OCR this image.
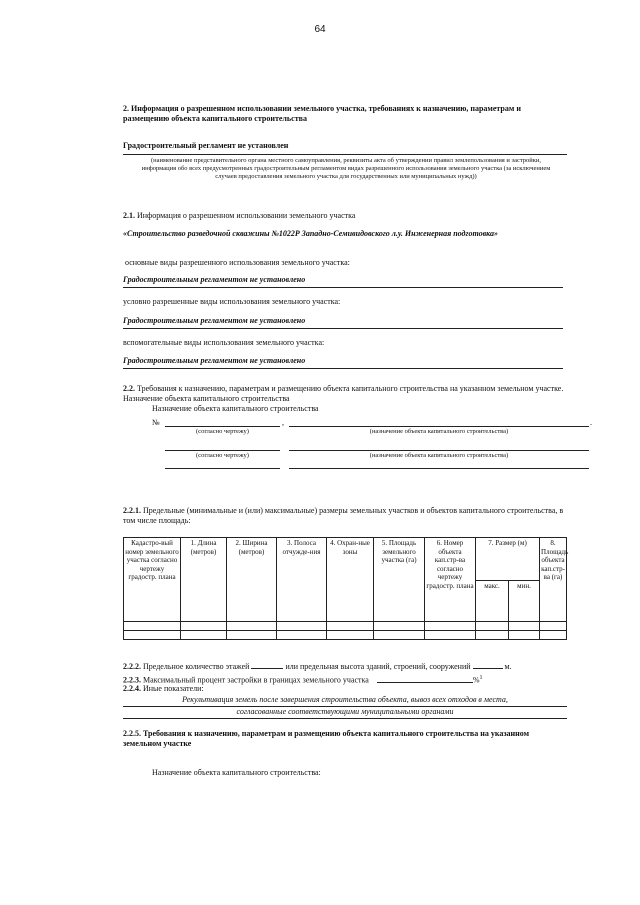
64
2. Информация о разрешенном использовании земельного участка, требованиях к назначению, параметрам и размещению объекта капитального строительства
Градостроительный регламент не установлен
(наименование представительного органа местного самоуправления, реквизиты акта об утверждении правил землепользования и застройки, информация обо всех предусмотренных градостроительным регламентом видах разрешенного использования земельного участка (за исключением случаев предоставления земельного участка для государственных или муниципальных нужд))
2.1. Информация о разрешенном использовании земельного участка
«Строительство разведочной скважины №1022Р Западно-Семивидовского л.у. Инженерная подготовка»
основные виды разрешенного использования земельного участка:
Градостроительным регламентом не установлено
условно разрешенные виды использования земельного участка:
Градостроительным регламентом не установлено
вспомогательные виды использования земельного участка:
Градостроительным регламентом не установлено
2.2. Требования к назначению, параметрам и размещению объекта капитального строительства на указанном земельном участке. Назначение объекта капитального строительства
Назначение объекта капитального строительства
№	,	.
(согласно чертежу)	(назначение объекта капитального строительства)
(согласно чертежу)	(назначение объекта капитального строительства)
2.2.1. Предельные (минимальные и (или) максимальные) размеры земельных участков и объектов капитального строительства, в том числе площадь:
Кадастро-вый номер земельного участка согласно чертежу градостр. плана	1. Длина (метров)	2. Ширина (метров)	3. Полоса отчужде-ния	4. Охран-ные зоны	5. Площадь земельного участка (га)	6. Номер объекта кап.стр-ва согласно чертежу градостр. плана	7. Размер (м)		8. Площадь объекта кап.стр-ва (га)
							макс.	мин.	

2.2.2. Предельное количество этажей	или предельная высота зданий, строений, сооружений	м.
2.2.3. Максимальный процент застройки в границах земельного участка	%$^1$
2.2.4. Иные показатели:
Рекультивация земель после завершения строительства объекта, вывоз всех отходов в места,
согласованные соответствующими муниципальными органами
2.2.5. Требования к назначению, параметрам и размещению объекта капитального строительства на указанном земельном участке
Назначение объекта капитального строительства:
